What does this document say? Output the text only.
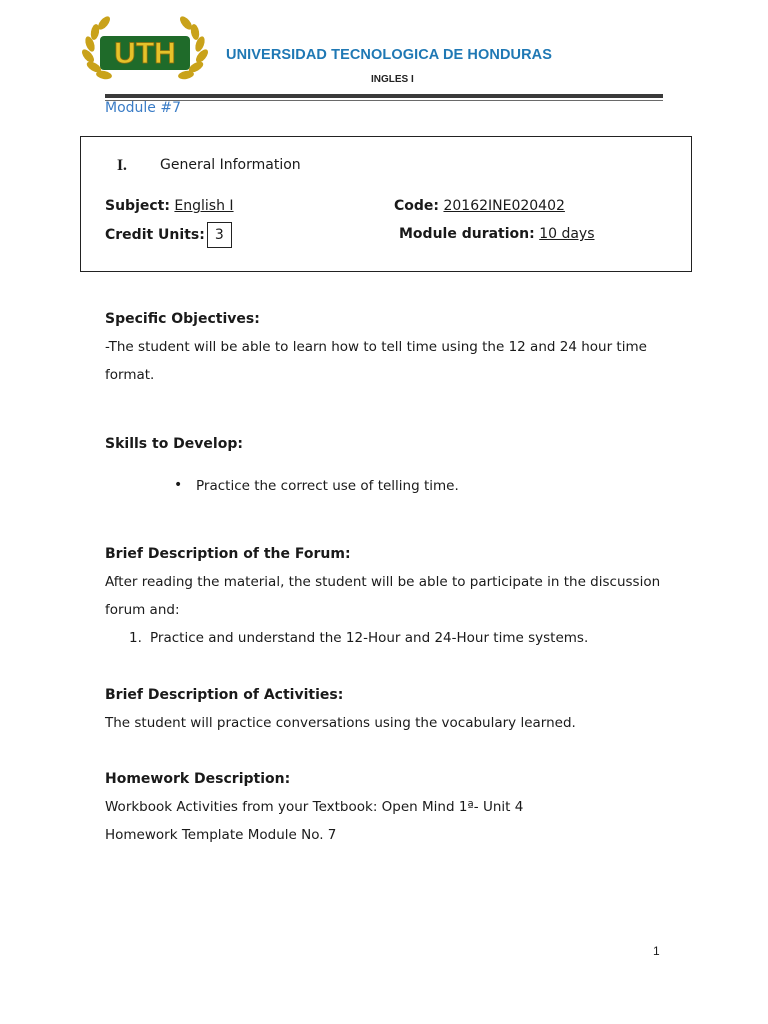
UTH	UNIVERSIDAD TECNOLOGICA DE HONDURAS
INGLES I
Module #7
I. General Information
Subject: English I	Code: 20162INE020402
Credit Units: 3	Module duration: 10 days
Specific Objectives:
-The student will be able to learn how to tell time using the 12 and 24 hour time
format.
Skills to Develop:
• Practice the correct use of telling time.
Brief Description of the Forum:
After reading the material, the student will be able to participate in the discussion
forum and:
1. Practice and understand the 12-Hour and 24-Hour time systems.
Brief Description of Activities:
The student will practice conversations using the vocabulary learned.
Homework Description:
Workbook Activities from your Textbook: Open Mind 1ª- Unit 4
Homework Template Module No. 7
1
